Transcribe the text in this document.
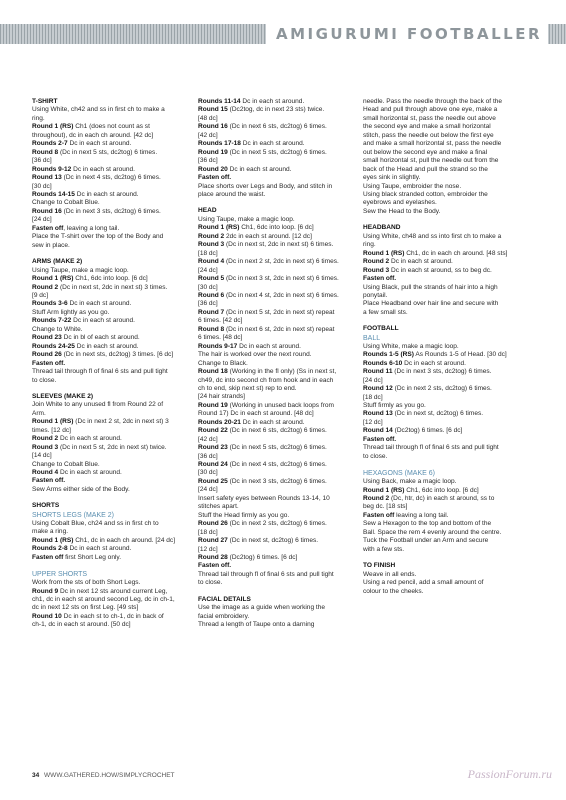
AMIGURUMI FOOTBALLER
T-SHIRT
Using White, ch42 and ss in first ch to make a
ring.
Round 1 (RS) Ch1 (does not count as st
throughout), dc in each ch around. [42 dc]
Rounds 2-7 Dc in each st around.
Round 8 (Dc in next 5 sts, dc2tog) 6 times.
[36 dc]
Rounds 9-12 Dc in each st around.
Round 13 (Dc in next 4 sts, dc2tog) 6 times.
[30 dc]
Rounds 14-15 Dc in each st around.
Change to Cobalt Blue.
Round 16 (Dc in next 3 sts, dc2tog) 6 times.
[24 dc]
Fasten off, leaving a long tail.
Place the T-shirt over the top of the Body and
sew in place.
ARMS (MAKE 2)
Using Taupe, make a magic loop.
Round 1 (RS) Ch1, 6dc into loop. [6 dc]
Round 2 (Dc in next st, 2dc in next st) 3 times.
[9 dc]
Rounds 3-6 Dc in each st around.
Stuff Arm lightly as you go.
Rounds 7-22 Dc in each st around.
Change to White.
Round 23 Dc in bl of each st around.
Rounds 24-25 Dc in each st around.
Round 26 (Dc in next sts, dc2tog) 3 times. [6 dc]
Fasten off.
Thread tail through fl of final 6 sts and pull tight
to close.
SLEEVES (MAKE 2)
Join White to any unused fl from Round 22 of
Arm.
Round 1 (RS) (Dc in next 2 st, 2dc in next st) 3
times. [12 dc]
Round 2 Dc in each st around.
Round 3 (Dc in next 5 st, 2dc in next st) twice.
[14 dc]
Change to Cobalt Blue.
Round 4 Dc in each st around.
Fasten off.
Sew Arms either side of the Body.
SHORTS
SHORTS LEGS (MAKE 2)
Using Cobalt Blue, ch24 and ss in first ch to
make a ring.
Round 1 (RS) Ch1, dc in each ch around. [24 dc]
Rounds 2-8 Dc in each st around.
Fasten off first Short Leg only.
UPPER SHORTS
Work from the sts of both Short Legs.
Round 9 Dc in next 12 sts around current Leg,
ch1, dc in each st around second Leg, dc in ch-1,
dc in next 12 sts on first Leg. [49 sts]
Round 10 Dc in each st to ch-1, dc in back of
ch-1, dc in each st around. [50 dc]
Rounds 11-14 Dc in each st around.
Round 15 (Dc2tog, dc in next 23 sts) twice.
[48 dc]
Round 16 (Dc in next 6 sts, dc2tog) 6 times.
[42 dc]
Rounds 17-18 Dc in each st around.
Round 19 (Dc in next 5 sts, dc2tog) 6 times.
[36 dc]
Round 20 Dc in each st around.
Fasten off.
Place shorts over Legs and Body, and stitch in
place around the waist.
HEAD
Using Taupe, make a magic loop.
Round 1 (RS) Ch1, 6dc into loop. [6 dc]
Round 2 2dc in each st around. [12 dc]
Round 3 (Dc in next st, 2dc in next st) 6 times.
[18 dc]
Round 4 (Dc in next 2 st, 2dc in next st) 6 times.
[24 dc]
Round 5 (Dc in next 3 st, 2dc in next st) 6 times.
[30 dc]
Round 6 (Dc in next 4 st, 2dc in next st) 6 times.
[36 dc]
Round 7 (Dc in next 5 st, 2dc in next st) repeat
6 times. [42 dc]
Round 8 (Dc in next 6 st, 2dc in next st) repeat
6 times. [48 dc]
Rounds 9-17 Dc in each st around.
The hair is worked over the next round.
Change to Black.
Round 18 (Working in the fl only) (Ss in next st,
ch49, dc into second ch from hook and in each
ch to end, skip next st) rep to end.
[24 hair strands]
Round 19 (Working in unused back loops from
Round 17) Dc in each st around. [48 dc]
Rounds 20-21 Dc in each st around.
Round 22 (Dc in next 6 sts, dc2tog) 6 times.
[42 dc]
Round 23 (Dc in next 5 sts, dc2tog) 6 times.
[36 dc]
Round 24 (Dc in next 4 sts, dc2tog) 6 times.
[30 dc]
Round 25 (Dc in next 3 sts, dc2tog) 6 times.
[24 dc]
Insert safety eyes between Rounds 13-14, 10
stitches apart.
Stuff the Head firmly as you go.
Round 26 (Dc in next 2 sts, dc2tog) 6 times.
[18 dc]
Round 27 (Dc in next st, dc2tog) 6 times.
[12 dc]
Round 28 (Dc2tog) 6 times. [6 dc]
Fasten off.
Thread tail through fl of final 6 sts and pull tight
to close.
FACIAL DETAILS
Use the image as a guide when working the
facial embroidery.
Thread a length of Taupe onto a darning
needle. Pass the needle through the back of the
Head and pull through above one eye, make a
small horizontal st, pass the needle out above
the second eye and make a small horizontal
stitch, pass the needle out below the first eye
and make a small horizontal st, pass the needle
out below the second eye and make a final
small horizontal st, pull the needle out from the
back of the Head and pull the strand so the
eyes sink in slightly.
Using Taupe, embroider the nose.
Using black stranded cotton, embroider the
eyebrows and eyelashes.
Sew the Head to the Body.
HEADBAND
Using White, ch48 and ss into first ch to make a
ring.
Round 1 (RS) Ch1, dc in each ch around. [48 sts]
Round 2 Dc in each st around.
Round 3 Dc in each st around, ss to beg dc.
Fasten off.
Using Black, pull the strands of hair into a high
ponytail.
Place Headband over hair line and secure with
a few small sts.
FOOTBALL
BALL
Using White, make a magic loop.
Rounds 1-5 (RS) As Rounds 1-5 of Head. [30 dc]
Rounds 6-10 Dc in each st around.
Round 11 (Dc in next 3 sts, dc2tog) 6 times.
[24 dc]
Round 12 (Dc in next 2 sts, dc2tog) 6 times.
[18 dc]
Stuff firmly as you go.
Round 13 (Dc in next st, dc2tog) 6 times.
[12 dc]
Round 14 (Dc2tog) 6 times. [6 dc]
Fasten off.
Thread tail through fl of final 6 sts and pull tight
to close.
HEXAGONS (MAKE 6)
Using Back, make a magic loop.
Round 1 (RS) Ch1, 6dc into loop. [6 dc]
Round 2 (Dc, htr, dc) in each st around, ss to
beg dc. [18 sts]
Fasten off leaving a long tail.
Sew a Hexagon to the top and bottom of the
Ball. Space the rem 4 evenly around the centre.
Tuck the Football under an Arm and secure
with a few sts.
TO FINISH
Weave in all ends.
Using a red pencil, add a small amount of
colour to the cheeks.
34 WWW.GATHERED.HOW/SIMPLYCROCHET	PassionForum.ru
